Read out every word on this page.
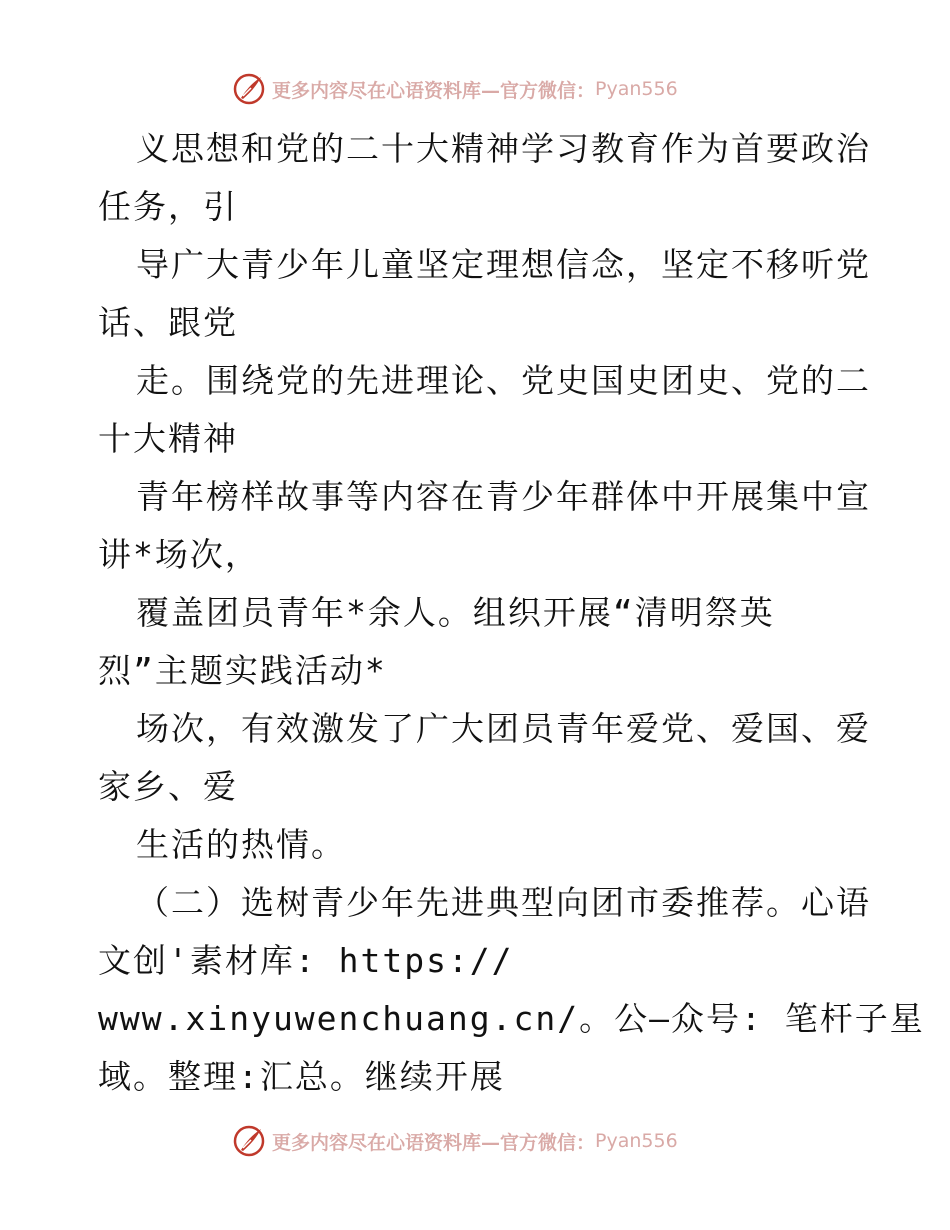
更多内容尽在心语资料库—官方微信： Pyan556

义思想和党的二十大精神学习教育作为首要政治

任务，引

导广大青少年儿童坚定理想信念，坚定不移听党

话、跟党

走。围绕党的先进理论、党史国史团史、党的二

十大精神

青年榜样故事等内容在青少年群体中开展集中宣

讲*场次，

覆盖团员青年*余人。组织开展“清明祭英

烈”主题实践活动*

场次，有效激发了广大团员青年爱党、爱国、爱

家乡、爱

生活的热情。

（二）选树青少年先进典型向团市委推荐。心语

文创'素材库: https://

www.xinyuwenchuang.cn/。公—众号: 笔杆子星

域。整理:汇总。继续开展

更多内容尽在心语资料库—官方微信： Pyan556
